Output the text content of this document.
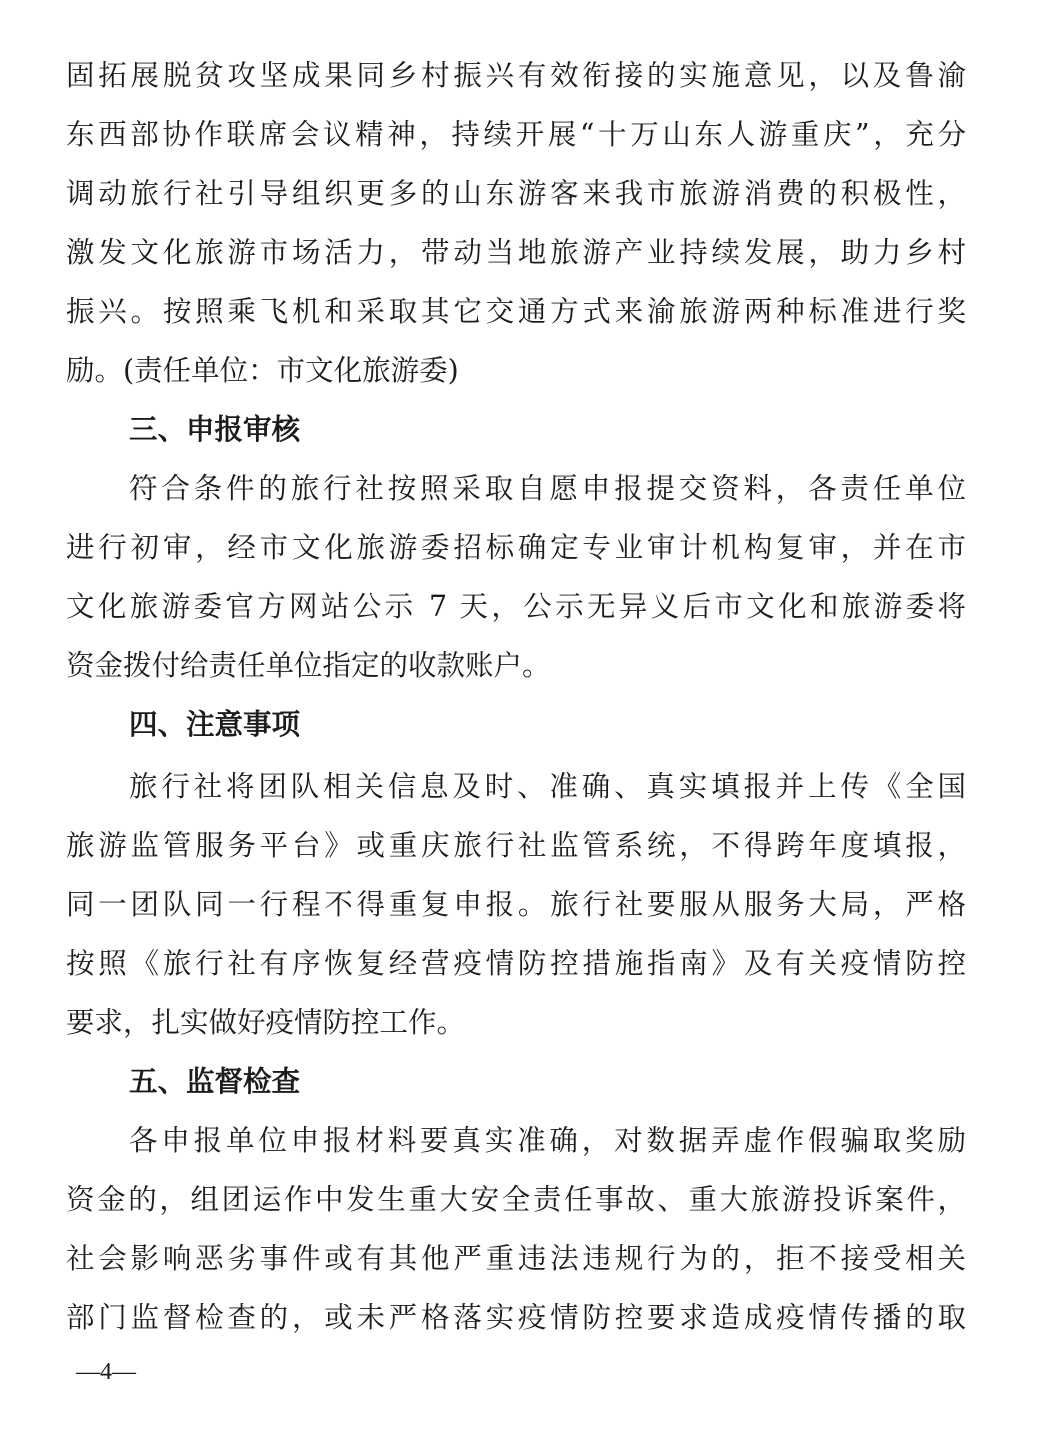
固拓展脱贫攻坚成果同乡村振兴有效衔接的实施意见，以及鲁渝
东西部协作联席会议精神，持续开展“十万山东人游重庆”，充分
调动旅行社引导组织更多的山东游客来我市旅游消费的积极性，
激发文化旅游市场活力，带动当地旅游产业持续发展，助力乡村
振兴。按照乘飞机和采取其它交通方式来渝旅游两种标准进行奖
励。(责任单位：市文化旅游委)
三、申报审核
符合条件的旅行社按照采取自愿申报提交资料，各责任单位
进行初审，经市文化旅游委招标确定专业审计机构复审，并在市
文化旅游委官方网站公示 7 天，公示无异义后市文化和旅游委将
资金拨付给责任单位指定的收款账户。
四、注意事项
旅行社将团队相关信息及时、准确、真实填报并上传《全国
旅游监管服务平台》或重庆旅行社监管系统，不得跨年度填报，
同一团队同一行程不得重复申报。旅行社要服从服务大局，严格
按照《旅行社有序恢复经营疫情防控措施指南》及有关疫情防控
要求，扎实做好疫情防控工作。
五、监督检查
各申报单位申报材料要真实准确，对数据弄虚作假骗取奖励
资金的，组团运作中发生重大安全责任事故、重大旅游投诉案件，
社会影响恶劣事件或有其他严重违法违规行为的，拒不接受相关
部门监督检查的，或未严格落实疫情防控要求造成疫情传播的取
—4—
